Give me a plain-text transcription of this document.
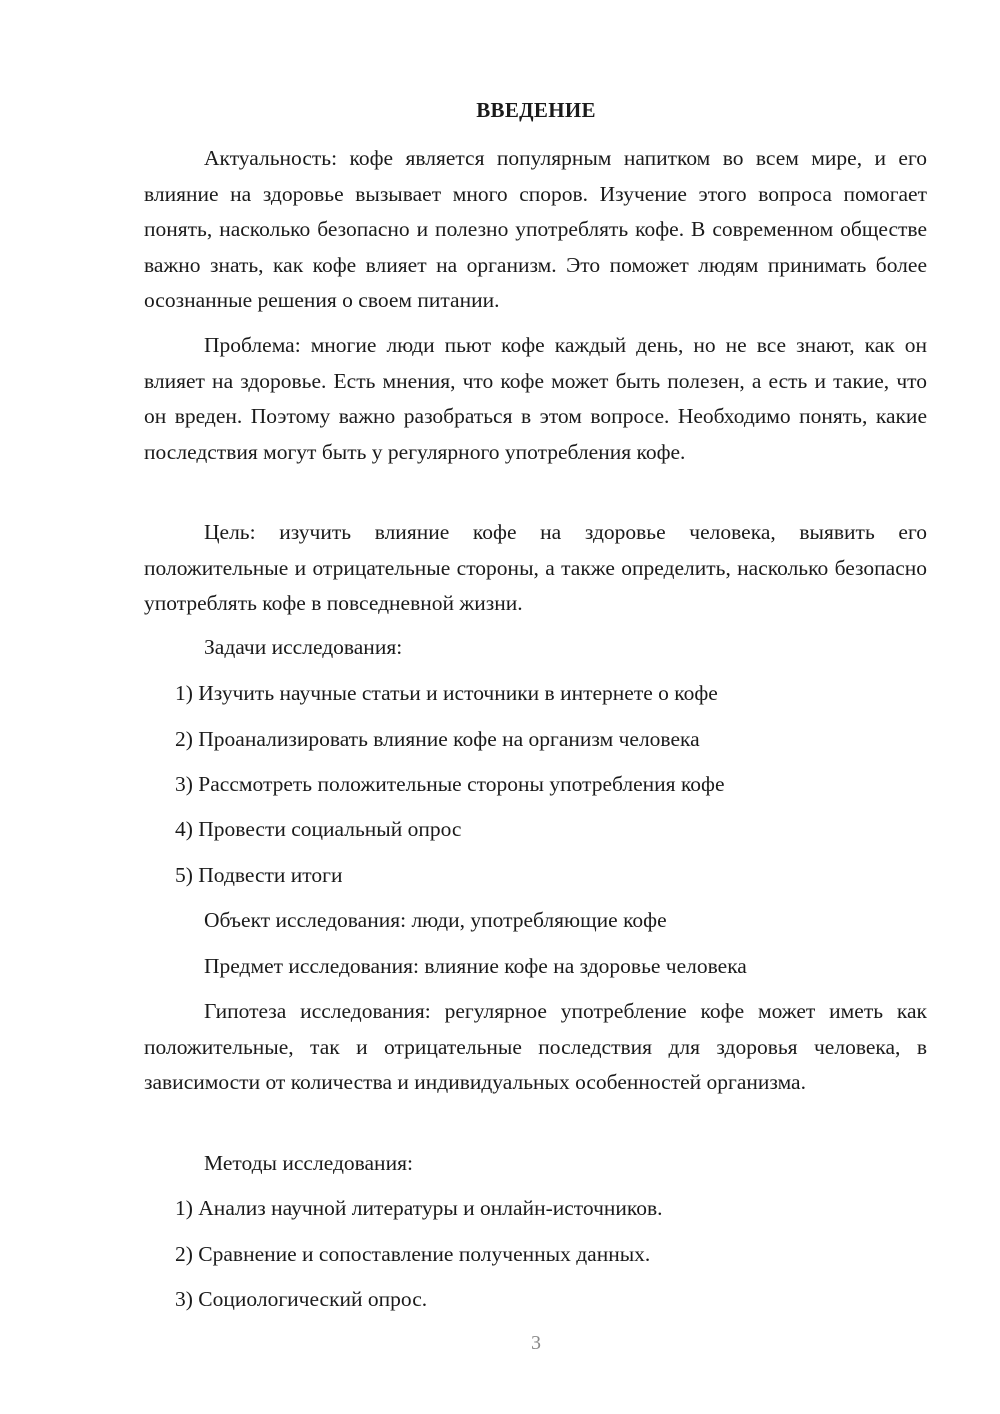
ВВЕДЕНИЕ

Актуальность: кофе является популярным напитком во всем мире, и его влияние на здоровье вызывает много споров. Изучение этого вопроса помогает понять, насколько безопасно и полезно употреблять кофе. В современном обществе важно знать, как кофе влияет на организм. Это поможет людям принимать более осознанные решения о своем питании.

Проблема: многие люди пьют кофе каждый день, но не все знают, как он влияет на здоровье. Есть мнения, что кофе может быть полезен, а есть и такие, что он вреден. Поэтому важно разобраться в этом вопросе. Необходимо понять, какие последствия могут быть у регулярного употребления кофе.

Цель: изучить влияние кофе на здоровье человека, выявить его положительные и отрицательные стороны, а также определить, насколько безопасно употреблять кофе в повседневной жизни.

Задачи исследования:

1) Изучить научные статьи и источники в интернете о кофе
2) Проанализировать влияние кофе на организм человека
3) Рассмотреть положительные стороны употребления кофе
4) Провести социальный опрос
5) Подвести итоги

Объект исследования: люди, употребляющие кофе

Предмет исследования: влияние кофе на здоровье человека

Гипотеза исследования: регулярное употребление кофе может иметь как положительные, так и отрицательные последствия для здоровья человека, в зависимости от количества и индивидуальных особенностей организма.

Методы исследования:

1) Анализ научной литературы и онлайн-источников.
2) Сравнение и сопоставление полученных данных.
3) Социологический опрос.
3
